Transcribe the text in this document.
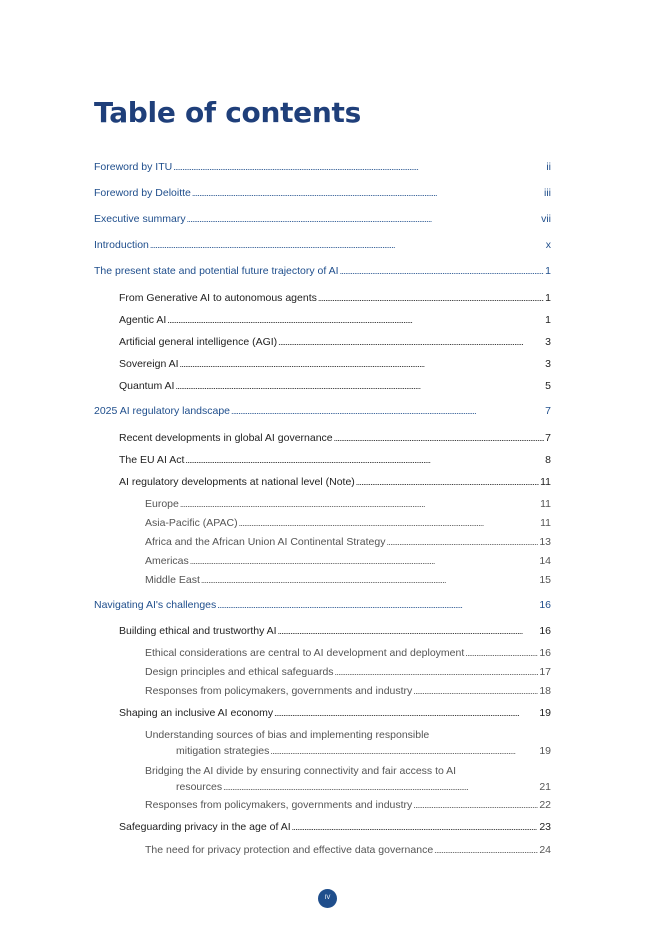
Table of contents
Foreword by ITU . . .	ii
Foreword by Deloitte . . .	iii
Executive summary . . .	vii
Introduction . . .	x
The present state and potential future trajectory of AI . . .	1
From Generative AI to autonomous agents . . .	1
Agentic AI . . .	1
Artificial general intelligence (AGI) . . .	3
Sovereign AI . . .	3
Quantum AI . . .	5
2025 AI regulatory landscape . . .	7
Recent developments in global AI governance . . .	7
The EU AI Act . . .	8
AI regulatory developments at national level (Note) . . .	11
Europe . . .	11
Asia-Pacific (APAC) . . .	11
Africa and the African Union AI Continental Strategy . . .	13
Americas . . .	14
Middle East . . .	15
Navigating AI's challenges . . .	16
Building ethical and trustworthy AI . . .	16
Ethical considerations are central to AI development and deployment . . .	16
Design principles and ethical safeguards . . .	17
Responses from policymakers, governments and industry . . .	18
Shaping an inclusive AI economy . . .	19
Understanding sources of bias and implementing responsible
mitigation strategies . . .	19
Bridging the AI divide by ensuring connectivity and fair access to AI
resources . . .	21
Responses from policymakers, governments and industry . . .	22
Safeguarding privacy in the age of AI . . .	23
The need for privacy protection and effective data governance . . .	24
IV
